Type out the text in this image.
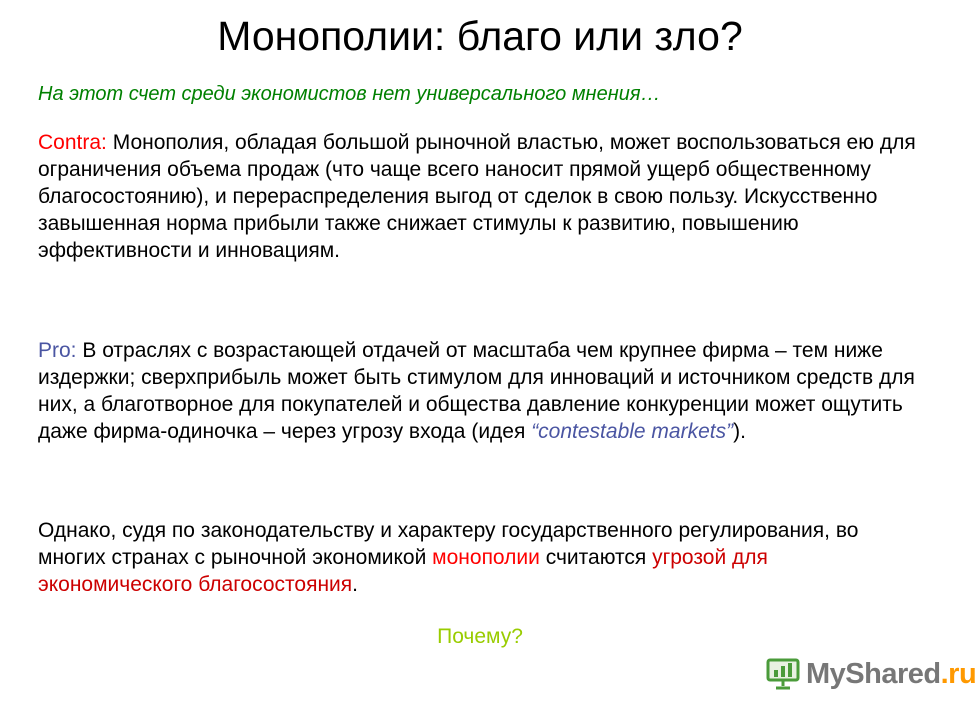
Монополии: благо или зло?
На этот счет среди экономистов нет универсального мнения…

Contra: Монополия, обладая большой рыночной властью, может воспользоваться ею для ограничения объема продаж (что чаще всего наносит прямой ущерб общественному благосостоянию), и перераспределения выгод от сделок в свою пользу. Искусственно завышенная норма прибыли также снижает стимулы к развитию, повышению эффективности и инновациям.

Pro: В отраслях с возрастающей отдачей от масштаба чем крупнее фирма – тем ниже издержки; сверхприбыль может быть стимулом для инноваций и источником средств для них, а благотворное для покупателей и общества давление конкуренции может ощутить даже фирма-одиночка – через угрозу входа (идея “contestable markets”).

Однако, судя по законодательству и характеру государственного регулирования, во многих странах с рыночной экономикой монополии считаются угрозой для экономического благосостояния.

Почему?
MyShared.ru
